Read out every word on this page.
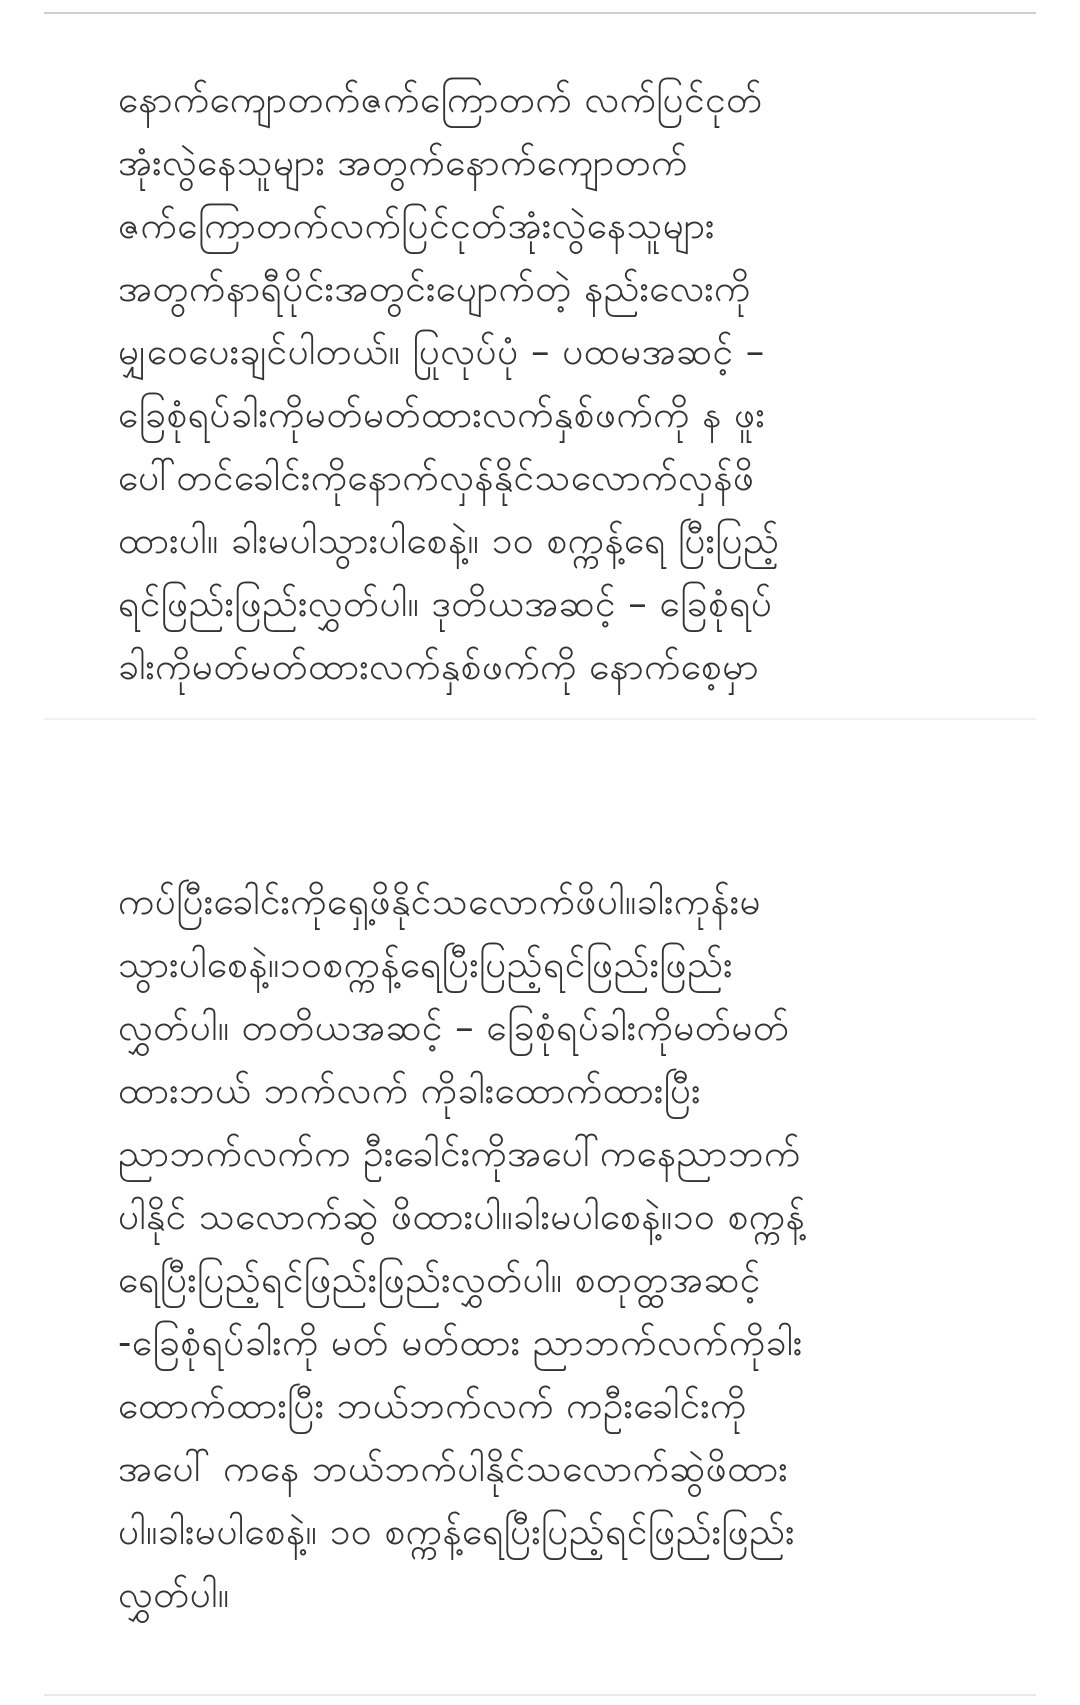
နောက်ကျောတက်ဇက်ကြောတက် လက်ပြင်ငုတ်
အုံးလွဲနေသူများ အတွက်နောက်ကျောတက်
ဇက်ကြောတက်လက်ပြင်ငုတ်အုံးလွဲနေသူများ
အတွက်နာရီပိုင်းအတွင်းပျောက်တဲ့ နည်းလေးကို
မျှဝေပေးချင်ပါတယ်။ ပြုလုပ်ပုံ – ပထမအဆင့် –
ခြေစုံရပ်ခါးကိုမတ်မတ်ထားလက်နှစ်ဖက်ကို န ဖူး
ပေါ်တင်ခေါင်းကိုနောက်လှန်နိုင်သလောက်လှန်ဖိ
ထားပါ။ ခါးမပါသွားပါစေနဲ့။ ၁၀ စက္ကန့်ရေ ပြီးပြည့်
ရင်ဖြည်းဖြည်းလွှတ်ပါ။ ဒုတိယအဆင့် – ခြေစုံရပ်
ခါးကိုမတ်မတ်ထားလက်နှစ်ဖက်ကို နောက်စေ့မှာ
ကပ်ပြီးခေါင်းကိုရှေ့ဖိနိုင်သလောက်ဖိပါ။ခါးကုန်းမ
သွားပါစေနဲ့။၁၀စက္ကန့်ရေပြီးပြည့်ရင်ဖြည်းဖြည်း
လွှတ်ပါ။ တတိယအဆင့် – ခြေစုံရပ်ခါးကိုမတ်မတ်
ထားဘယ် ဘက်လက် ကိုခါးထောက်ထားပြီး
ညာဘက်လက်က ဦးခေါင်းကိုအပေါ်ကနေညာဘက်
ပါနိုင် သလောက်ဆွဲ ဖိထားပါ။ခါးမပါစေနဲ့။၁၀ စက္ကန့်
ရေပြီးပြည့်ရင်ဖြည်းဖြည်းလွှတ်ပါ။ စတုတ္ထအဆင့်
-ခြေစုံရပ်ခါးကို မတ် မတ်ထား ညာဘက်လက်ကိုခါး
ထောက်ထားပြီး ဘယ်ဘက်လက် ကဦးခေါင်းကို
အပေါ် ကနေ ဘယ်ဘက်ပါနိုင်သလောက်ဆွဲဖိထား
ပါ။ခါးမပါစေနဲ့။ ၁၀ စက္ကန့်ရေပြီးပြည့်ရင်ဖြည်းဖြည်း
လွှတ်ပါ။
